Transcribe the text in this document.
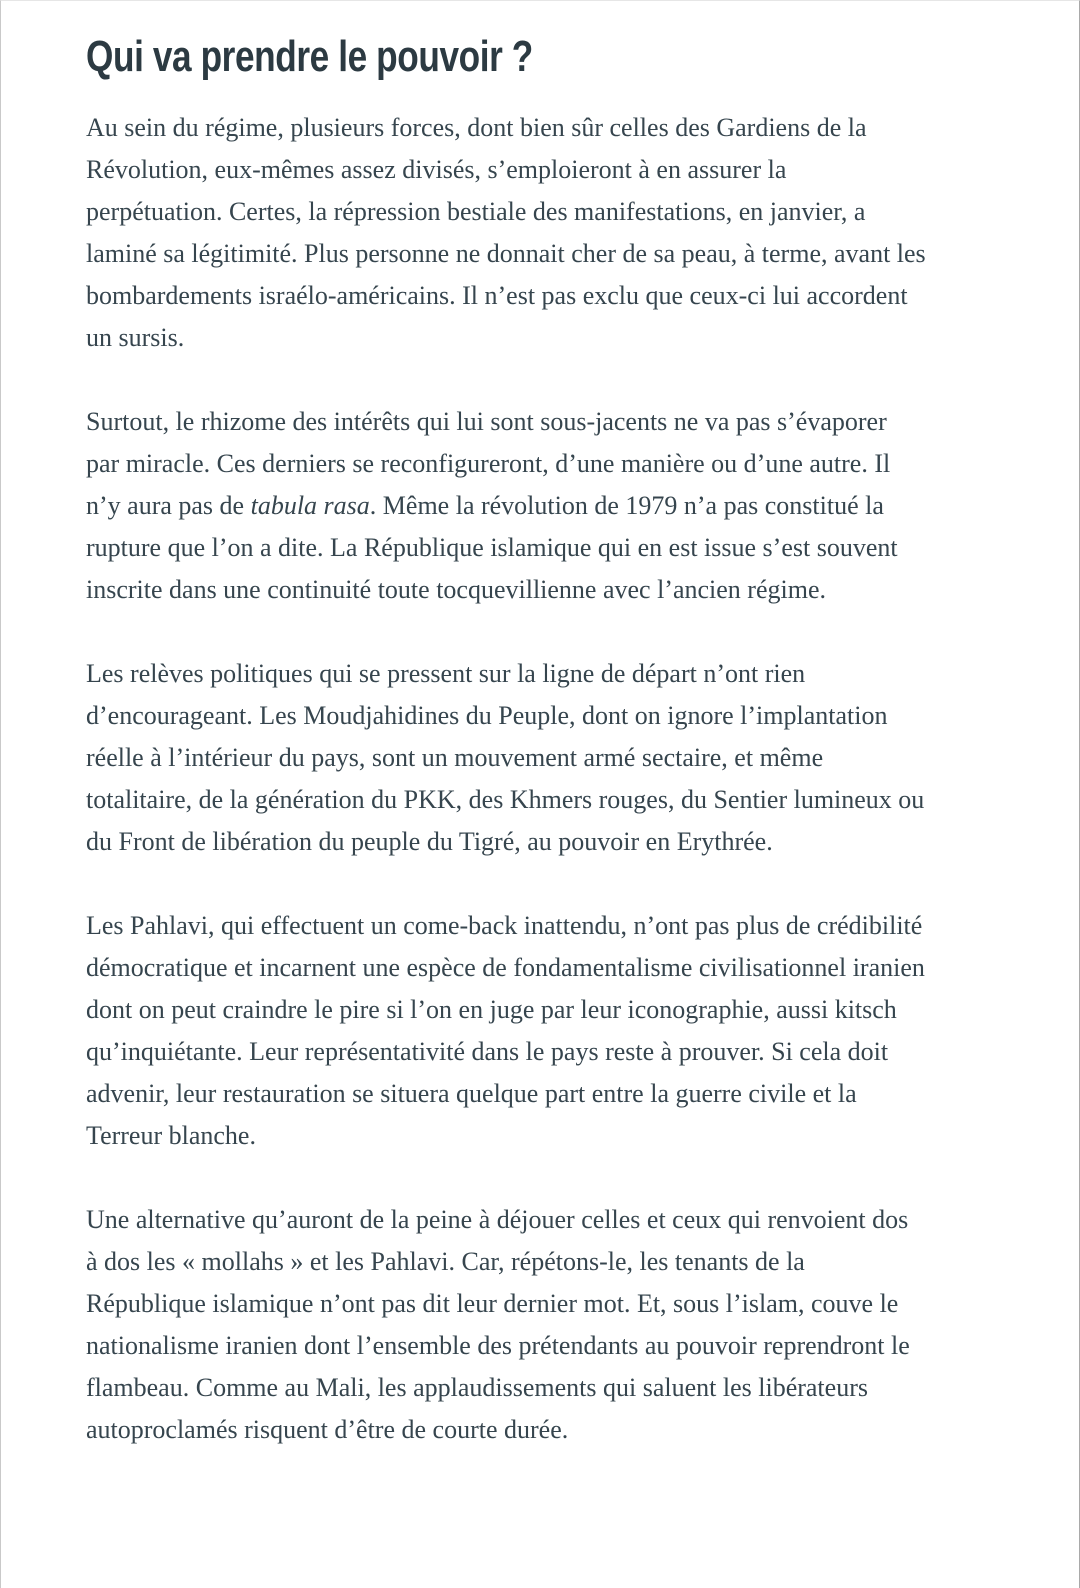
Qui va prendre le pouvoir ?

Au sein du régime, plusieurs forces, dont bien sûr celles des Gardiens de la Révolution, eux-mêmes assez divisés, s’emploieront à en assurer la perpétuation. Certes, la répression bestiale des manifestations, en janvier, a laminé sa légitimité. Plus personne ne donnait cher de sa peau, à terme, avant les bombardements israélo-américains. Il n’est pas exclu que ceux-ci lui accordent un sursis.

Surtout, le rhizome des intérêts qui lui sont sous-jacents ne va pas s’évaporer par miracle. Ces derniers se reconfigureront, d’une manière ou d’une autre. Il n’y aura pas de tabula rasa. Même la révolution de 1979 n’a pas constitué la rupture que l’on a dite. La République islamique qui en est issue s’est souvent inscrite dans une continuité toute tocquevillienne avec l’ancien régime.

Les relèves politiques qui se pressent sur la ligne de départ n’ont rien d’encourageant. Les Moudjahidines du Peuple, dont on ignore l’implantation réelle à l’intérieur du pays, sont un mouvement armé sectaire, et même totalitaire, de la génération du PKK, des Khmers rouges, du Sentier lumineux ou du Front de libération du peuple du Tigré, au pouvoir en Erythrée.

Les Pahlavi, qui effectuent un come-back inattendu, n’ont pas plus de crédibilité démocratique et incarnent une espèce de fondamentalisme civilisationnel iranien dont on peut craindre le pire si l’on en juge par leur iconographie, aussi kitsch qu’inquiétante. Leur représentativité dans le pays reste à prouver. Si cela doit advenir, leur restauration se situera quelque part entre la guerre civile et la Terreur blanche.

Une alternative qu’auront de la peine à déjouer celles et ceux qui renvoient dos à dos les « mollahs » et les Pahlavi. Car, répétons-le, les tenants de la République islamique n’ont pas dit leur dernier mot. Et, sous l’islam, couve le nationalisme iranien dont l’ensemble des prétendants au pouvoir reprendront le flambeau. Comme au Mali, les applaudissements qui saluent les libérateurs autoproclamés risquent d’être de courte durée.
